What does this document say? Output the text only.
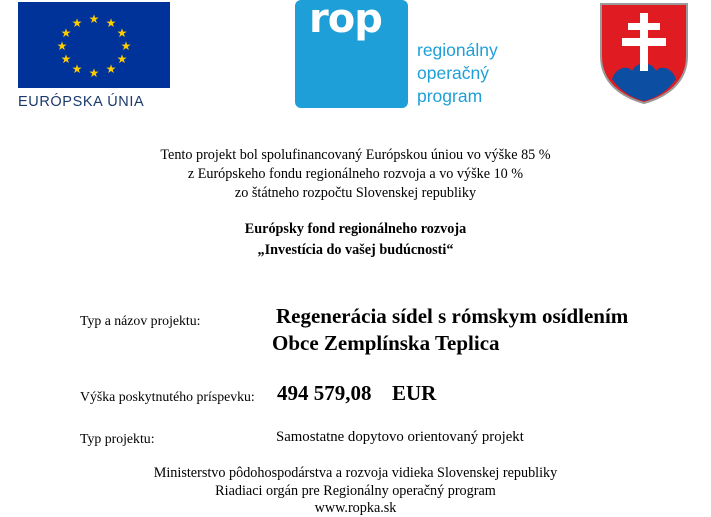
★ ★
★
★
★
★
★
★
★
★
★
★
EURÓPSKA ÚNIA
rop
regionálny
operačný
program
Tento projekt bol spolufinancovaný Európskou úniou vo výške 85 %
z Európskeho fondu regionálneho rozvoja a vo výške 10 %
zo štátneho rozpočtu Slovenskej republiky
Európsky fond regionálneho rozvoja
„Investícia do vašej budúcnosti“
Typ a názov projektu:	Regenerácia sídel s rómskym osídlením
Obce Zemplínska Teplica
Výška poskytnutého príspevku: 494 579,08 EUR
Typ projektu:	Samostatne dopytovo orientovaný projekt
Ministerstvo pôdohospodárstva a rozvoja vidieka Slovenskej republiky
Riadiaci orgán pre Regionálny operačný program
www.ropka.sk
